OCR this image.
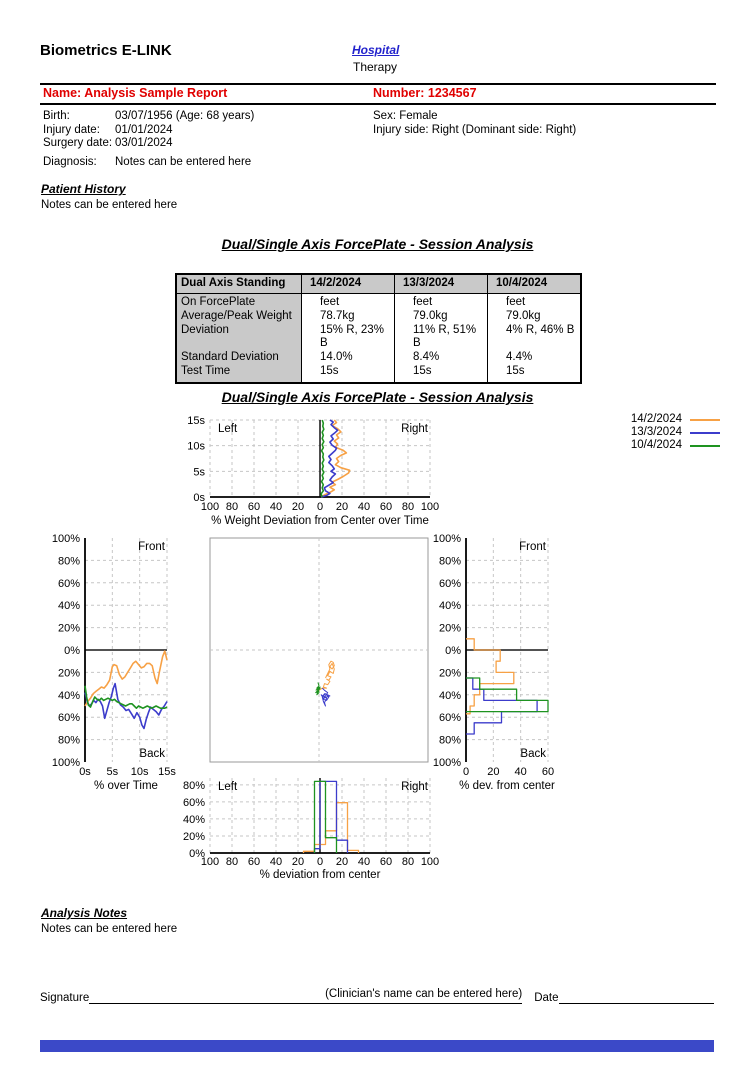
Biometrics E-LINK	Hospital
Therapy
Name: Analysis Sample Report	Number: 1234567
Birth:	03/07/1956 (Age: 68 years)
Injury date:	01/01/2024
Surgery date: 03/01/2024
Sex: Female
Injury side: Right (Dominant side: Right)
Diagnosis:	Notes can be entered here
Patient History
Notes can be entered here
Dual/Single Axis ForcePlate - Session Analysis
Dual Axis Standing	14/2/2024	13/3/2024	10/4/2024
On ForcePlate	feet	feet	feet
Average/Peak Weight	78.7kg	79.0kg	79.0kg
Deviation	15% R, 23% B	11% R, 51% B	4% R, 46% B
Standard Deviation	14.0%	8.4%	4.4%
Test Time	15s	15s	15s
Dual/Single Axis ForcePlate - Session Analysis
100 80 60 40 20 0 20 40 60 80 100
15s
10s
5s
0s
% Weight Deviation from Center over Time
Left	Right
14/2/2024
13/3/2024
10/4/2024
0s 5s 10s 15s
100%
80%
60%
40%
20%
0%
20%
40%
60%
80%
100%
% over Time
Front
Back
0 20 40 60
100%
80%
60%
40%
20%
0%
20%
40%
60%
80%
100%
% dev. from center
Front
Back
100 80 60 40 20 0 20 40 60 80 100
0%
20%
40%
60%
80%
% deviation from center
Left	Right
Analysis Notes
Notes can be entered here
Signature	(Clinician's name can be entered here) Date
